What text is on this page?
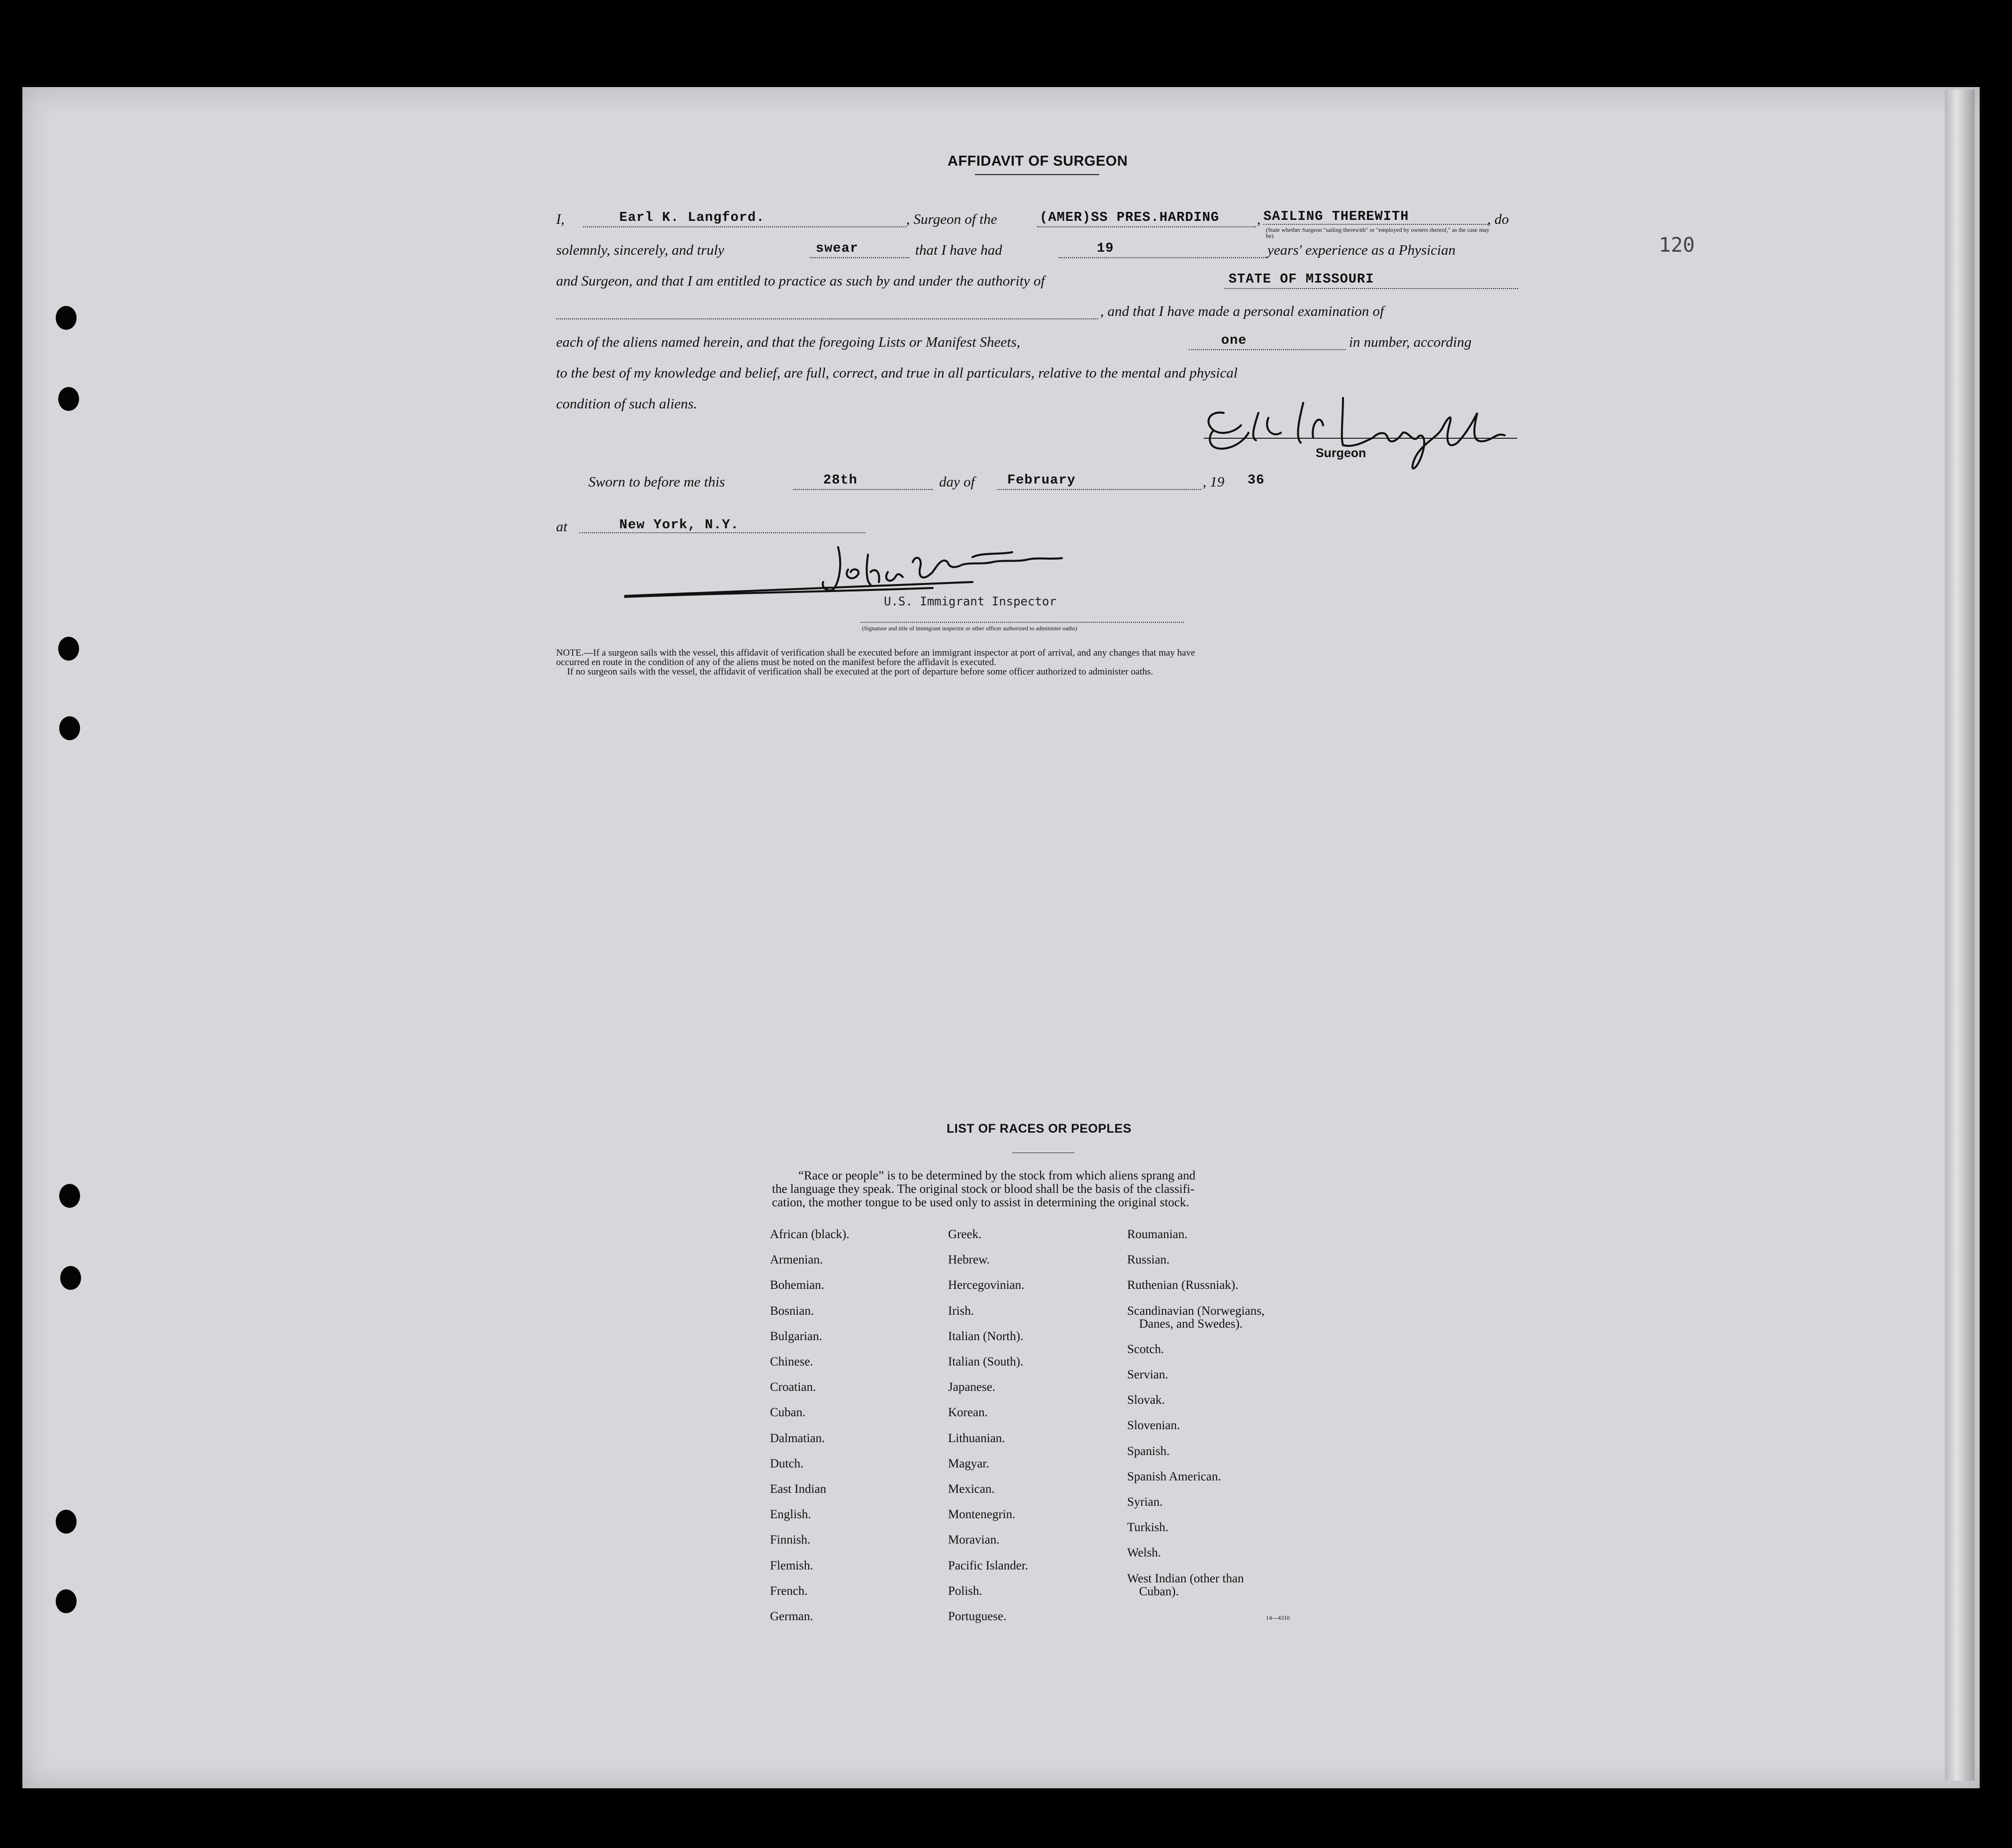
120
AFFIDAVIT OF SURGEON
I,	Earl K. Langford.	, Surgeon of the	(AMER)SS PRES.HARDING	, SAILING THEREWITH
(State whether Surgeon "sailing therewith" or "employed by owners thereof," as the case may be)
, do
solemnly, sincerely, and truly	swear	that I have had	19	years' experience as a Physician
and Surgeon, and that I am entitled to practice as such by and under the authority of	STATE OF MISSOURI
, and that I have made a personal examination of
each of the aliens named herein, and that the foregoing Lists or Manifest Sheets,	one	in number, according
to the best of my knowledge and belief, are full, correct, and true in all particulars, relative to the mental and physical
condition of such aliens.
Surgeon
Sworn to before me this	28th	day of February	, 19 36
at	New York, N.Y.
U.S. Immigrant Inspector
(Signature and title of immigrant inspector or other officer authorized to administer oaths)
NOTE.—If a surgeon sails with the vessel, this affidavit of verification shall be executed before an immigrant inspector at port of arrival, and any changes that may have
occurred en route in the condition of any of the aliens must be noted on the manifest before the affidavit is executed.
If no surgeon sails with the vessel, the affidavit of verification shall be executed at the port of departure before some officer authorized to administer oaths.
LIST OF RACES OR PEOPLES
“Race or people” is to be determined by the stock from which aliens sprang and
the language they speak. The original stock or blood shall be the basis of the classifi-
cation, the mother tongue to be used only to assist in determining the original stock.
African (black).
Armenian.
Bohemian.
Bosnian.
Bulgarian.
Chinese.
Croatian.
Cuban.
Dalmatian.
Dutch.
East Indian
English.
Finnish.
Flemish.
French.
German.
Greek.
Hebrew.
Hercegovinian.
Irish.
Italian (North).
Italian (South).
Japanese.
Korean.
Lithuanian.
Magyar.
Mexican.
Montenegrin.
Moravian.
Pacific Islander.
Polish.
Portuguese.
Roumanian.
Russian.
Ruthenian (Russniak).
Scandinavian (Norwegians,
Danes, and Swedes).
Scotch.
Servian.
Slovak.
Slovenian.
Spanish.
Spanish American.
Syrian.
Turkish.
Welsh.
West Indian (other than
Cuban).
14—4310
